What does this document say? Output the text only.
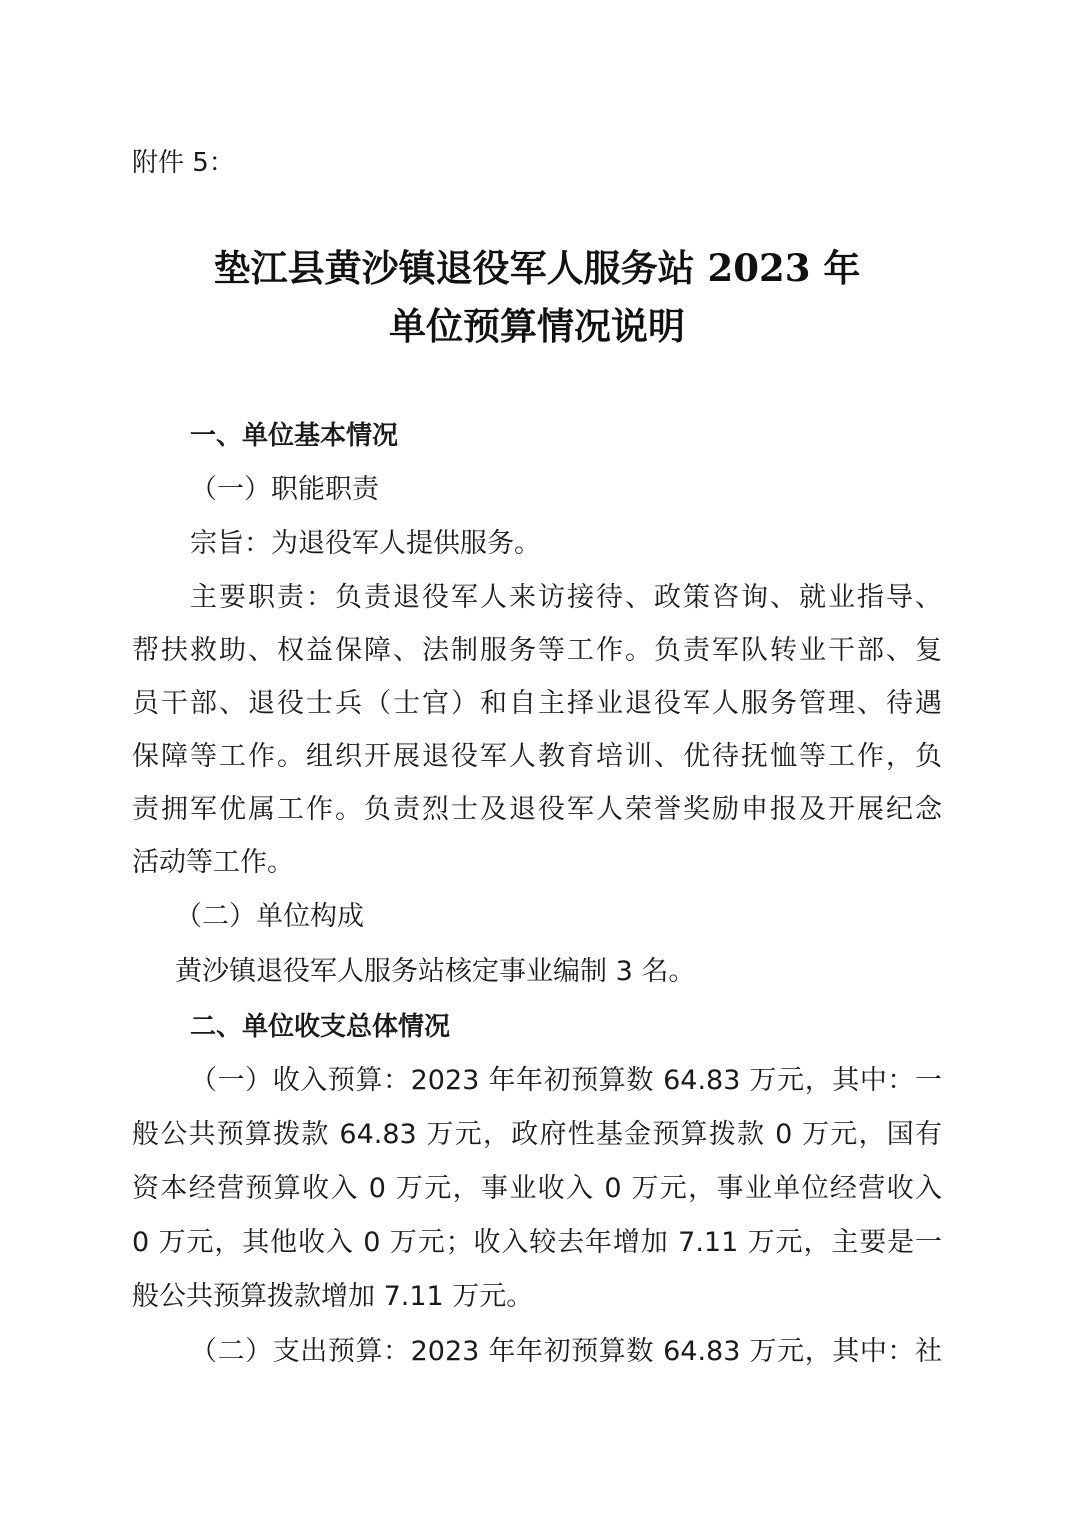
附件 5：
垫江县黄沙镇退役军人服务站 2023 年
单位预算情况说明
一、单位基本情况
（一）职能职责
宗旨：为退役军人提供服务。
主要职责：负责退役军人来访接待、政策咨询、就业指导、
帮扶救助、权益保障、法制服务等工作。负责军队转业干部、复
员干部、退役士兵（士官）和自主择业退役军人服务管理、待遇
保障等工作。组织开展退役军人教育培训、优待抚恤等工作，负
责拥军优属工作。负责烈士及退役军人荣誉奖励申报及开展纪念
活动等工作。
（二）单位构成
黄沙镇退役军人服务站核定事业编制 3 名。
二、单位收支总体情况
（一）收入预算：2023 年年初预算数 64.83 万元，其中：一
般公共预算拨款 64.83 万元，政府性基金预算拨款 0 万元，国有
资本经营预算收入 0 万元，事业收入 0 万元，事业单位经营收入
0 万元，其他收入 0 万元；收入较去年增加 7.11 万元，主要是一
般公共预算拨款增加 7.11 万元。
（二）支出预算：2023 年年初预算数 64.83 万元，其中：社
